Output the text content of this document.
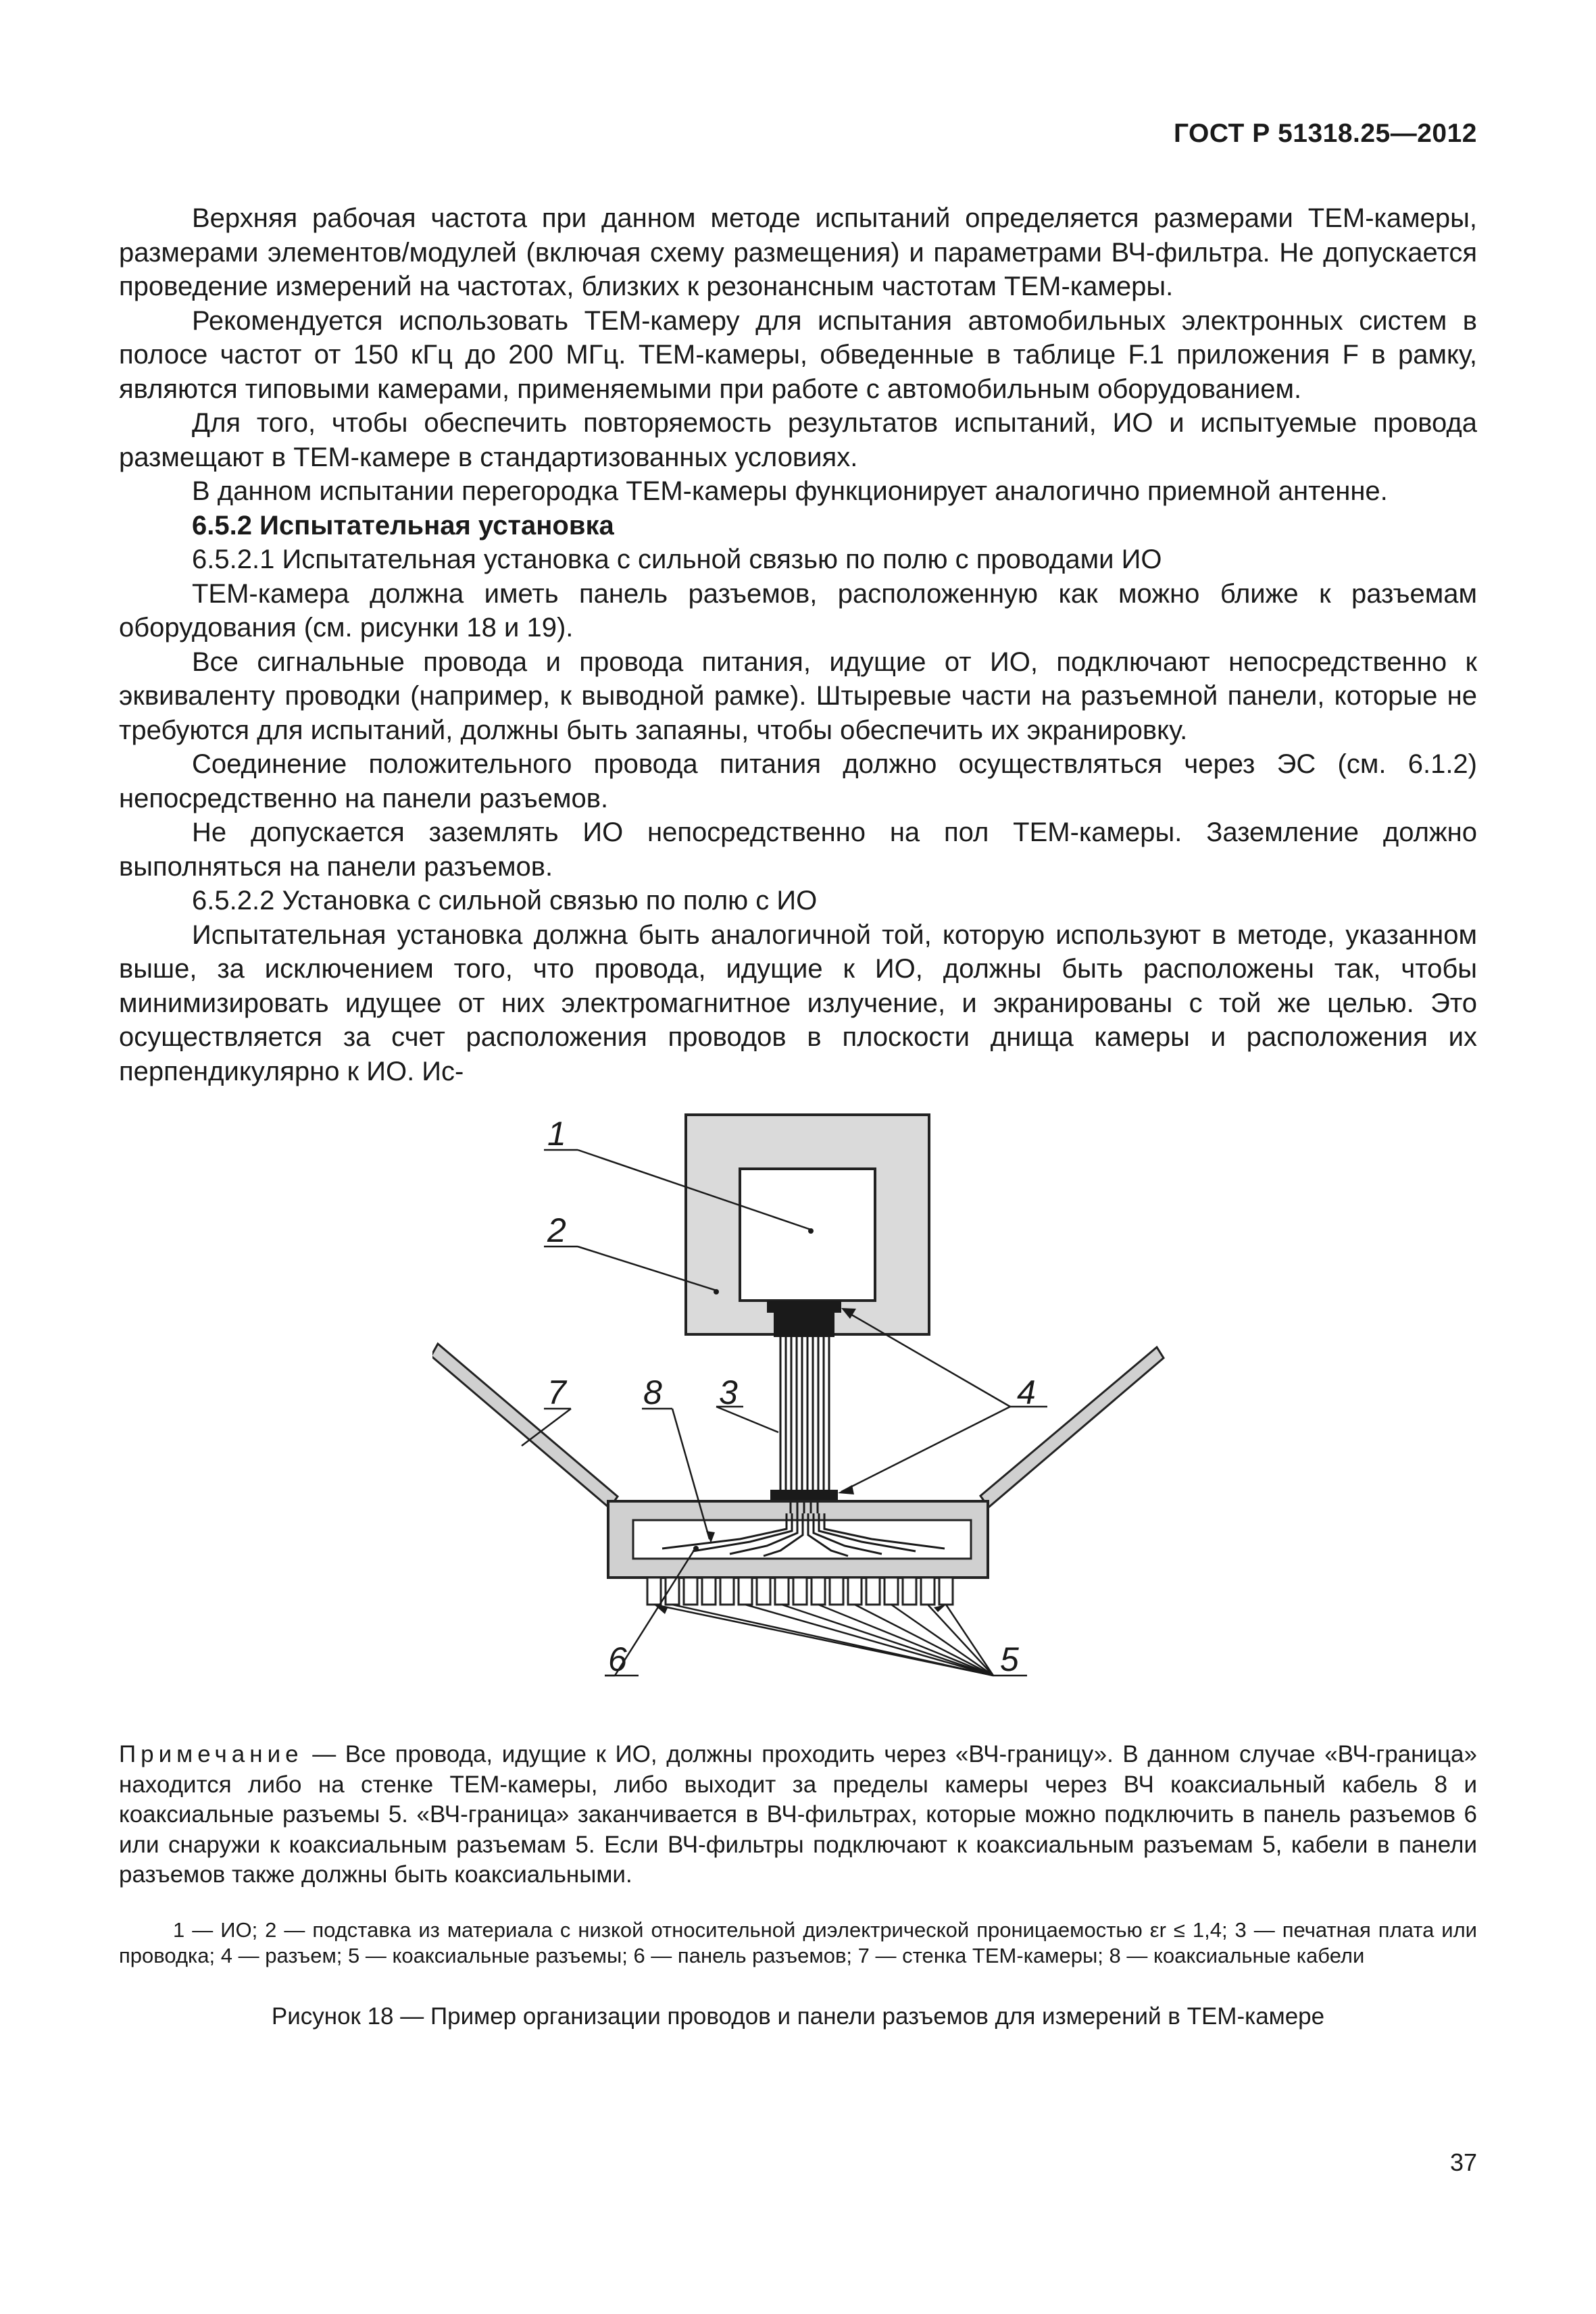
ГОСТ Р 51318.25—2012

Верхняя рабочая частота при данном методе испытаний определяется размерами ТЕМ-камеры, размерами элементов/модулей (включая схему размещения) и параметрами ВЧ-фильтра. Не допускается проведение измерений на частотах, близких к резонансным частотам ТЕМ-камеры.

Рекомендуется использовать ТЕМ-камеру для испытания автомобильных электронных систем в полосе частот от 150 кГц до 200 МГц. ТЕМ-камеры, обведенные в таблице F.1 приложения F в рамку, являются типовыми камерами, применяемыми при работе с автомобильным оборудованием.

Для того, чтобы обеспечить повторяемость результатов испытаний, ИО и испытуемые провода размещают в ТЕМ-камере в стандартизованных условиях.

В данном испытании перегородка ТЕМ-камеры функционирует аналогично приемной антенне.

6.5.2 Испытательная установка

6.5.2.1 Испытательная установка с сильной связью по полю с проводами ИО

ТЕМ-камера должна иметь панель разъемов, расположенную как можно ближе к разъемам оборудования (см. рисунки 18 и 19).

Все сигнальные провода и провода питания, идущие от ИО, подключают непосредственно к эквиваленту проводки (например, к выводной рамке). Штыревые части на разъемной панели, которые не требуются для испытаний, должны быть запаяны, чтобы обеспечить их экранировку.

Соединение положительного провода питания должно осуществляться через ЭС (см. 6.1.2) непосредственно на панели разъемов.

Не допускается заземлять ИО непосредственно на пол ТЕМ-камеры. Заземление должно выполняться на панели разъемов.

6.5.2.2 Установка с сильной связью по полю с ИО

Испытательная установка должна быть аналогичной той, которую используют в методе, указанном выше, за исключением того, что провода, идущие к ИО, должны быть расположены так, чтобы минимизировать идущее от них электромагнитное излучение, и экранированы с той же целью. Это осуществляется за счет расположения проводов в плоскости днища камеры и расположения их перпендикулярно к ИО. Ис-

1
2
7 8 3	4
6	5
Примечание — Все провода, идущие к ИО, должны проходить через «ВЧ-границу». В данном случае «ВЧ-граница» находится либо на стенке ТЕМ-камеры, либо выходит за пределы камеры через ВЧ коаксиальный кабель 8 и коаксиальные разъемы 5. «ВЧ-граница» заканчивается в ВЧ-фильтрах, которые можно подключить в панель разъемов 6 или снаружи к коаксиальным разъемам 5. Если ВЧ-фильтры подключают к коаксиальным разъемам 5, кабели в панели разъемов также должны быть коаксиальными.
1 — ИО; 2 — подставка из материала с низкой относительной диэлектрической проницаемостью εr ≤ 1,4; 3 — печатная плата или проводка; 4 — разъем; 5 — коаксиальные разъемы; 6 — панель разъемов; 7 — стенка ТЕМ-камеры; 8 — коаксиальные кабели
Рисунок 18 — Пример организации проводов и панели разъемов для измерений в ТЕМ-камере
37
